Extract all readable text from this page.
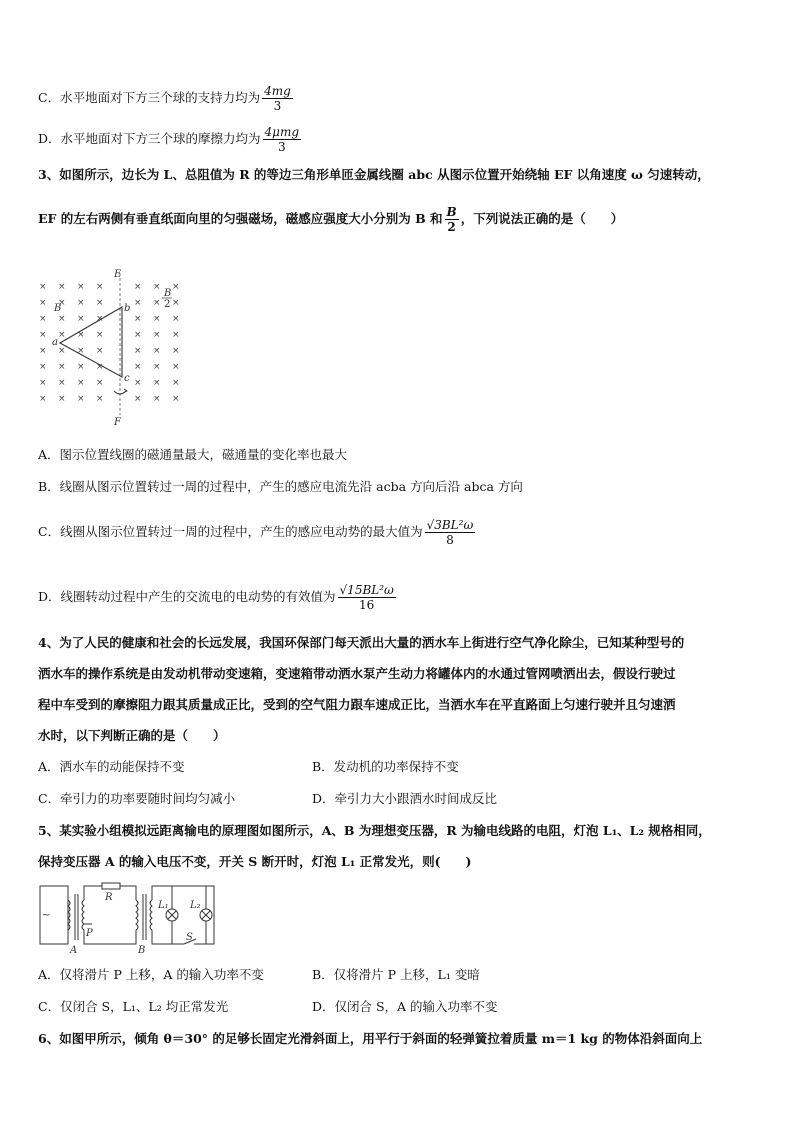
C．水平地面对下方三个球的支持力均为 $\frac{4mg}{3}$
D．水平地面对下方三个球的摩擦力均为 $\frac{\text{4μmg}}{3}$
3、如图所示，边长为 L、总阻值为 R 的等边三角形单匝金属线圈 abc 从图示位置开始绕轴 EF 以角速度 ω 匀速转动，
EF 的左右两侧有垂直纸面向里的匀强磁场，磁感应强度大小分别为 B 和 $\frac{B}{2}$ ，下列说法正确的是（　　）
× × × ×	× × ×
× × × ×	× × ×
× × × ×	× × ×
× × × ×	× × ×
× × × ×	× × ×
× × × ×	× × ×
× × × ×	× × ×
× × × ×	× × ×
E
F
a
b
c
B
B
2
A．图示位置线圈的磁通量最大，磁通量的变化率也最大
B．线圈从图示位置转过一周的过程中，产生的感应电流先沿 acba 方向后沿 abca 方向
C．线圈从图示位置转过一周的过程中，产生的感应电动势的最大值为 $\frac{\text{√3BL²ω}}{8}$
D．线圈转动过程中产生的交流电的电动势的有效值为 $\frac{\text{√15BL²ω}}{16}$
4、为了人民的健康和社会的长远发展，我国环保部门每天派出大量的洒水车上街进行空气净化除尘，已知某种型号的
洒水车的操作系统是由发动机带动变速箱，变速箱带动洒水泵产生动力将罐体内的水通过管网喷洒出去，假设行驶过
程中车受到的摩擦阻力跟其质量成正比，受到的空气阻力跟车速成正比，当洒水车在平直路面上匀速行驶并且匀速洒
水时，以下判断正确的是（　　）
A．洒水车的动能保持不变	B．发动机的功率保持不变
C．牵引力的功率要随时间均匀减小	D．牵引力大小跟洒水时间成反比
5、某实验小组模拟远距离输电的原理图如图所示，A、B 为理想变压器，R 为输电线路的电阻，灯泡 L₁、L₂ 规格相同，
保持变压器 A 的输入电压不变，开关 S 断开时，灯泡 L₁ 正常发光，则(　　)
~
R
P
A	B
L₁ L₂
S
A．仅将滑片 P 上移，A 的输入功率不变	B．仅将滑片 P 上移，L₁ 变暗
C．仅闭合 S，L₁、L₂ 均正常发光	D．仅闭合 S，A 的输入功率不变
6、如图甲所示，倾角 θ＝30° 的足够长固定光滑斜面上，用平行于斜面的轻弹簧拉着质量 m＝1 kg 的物体沿斜面向上
